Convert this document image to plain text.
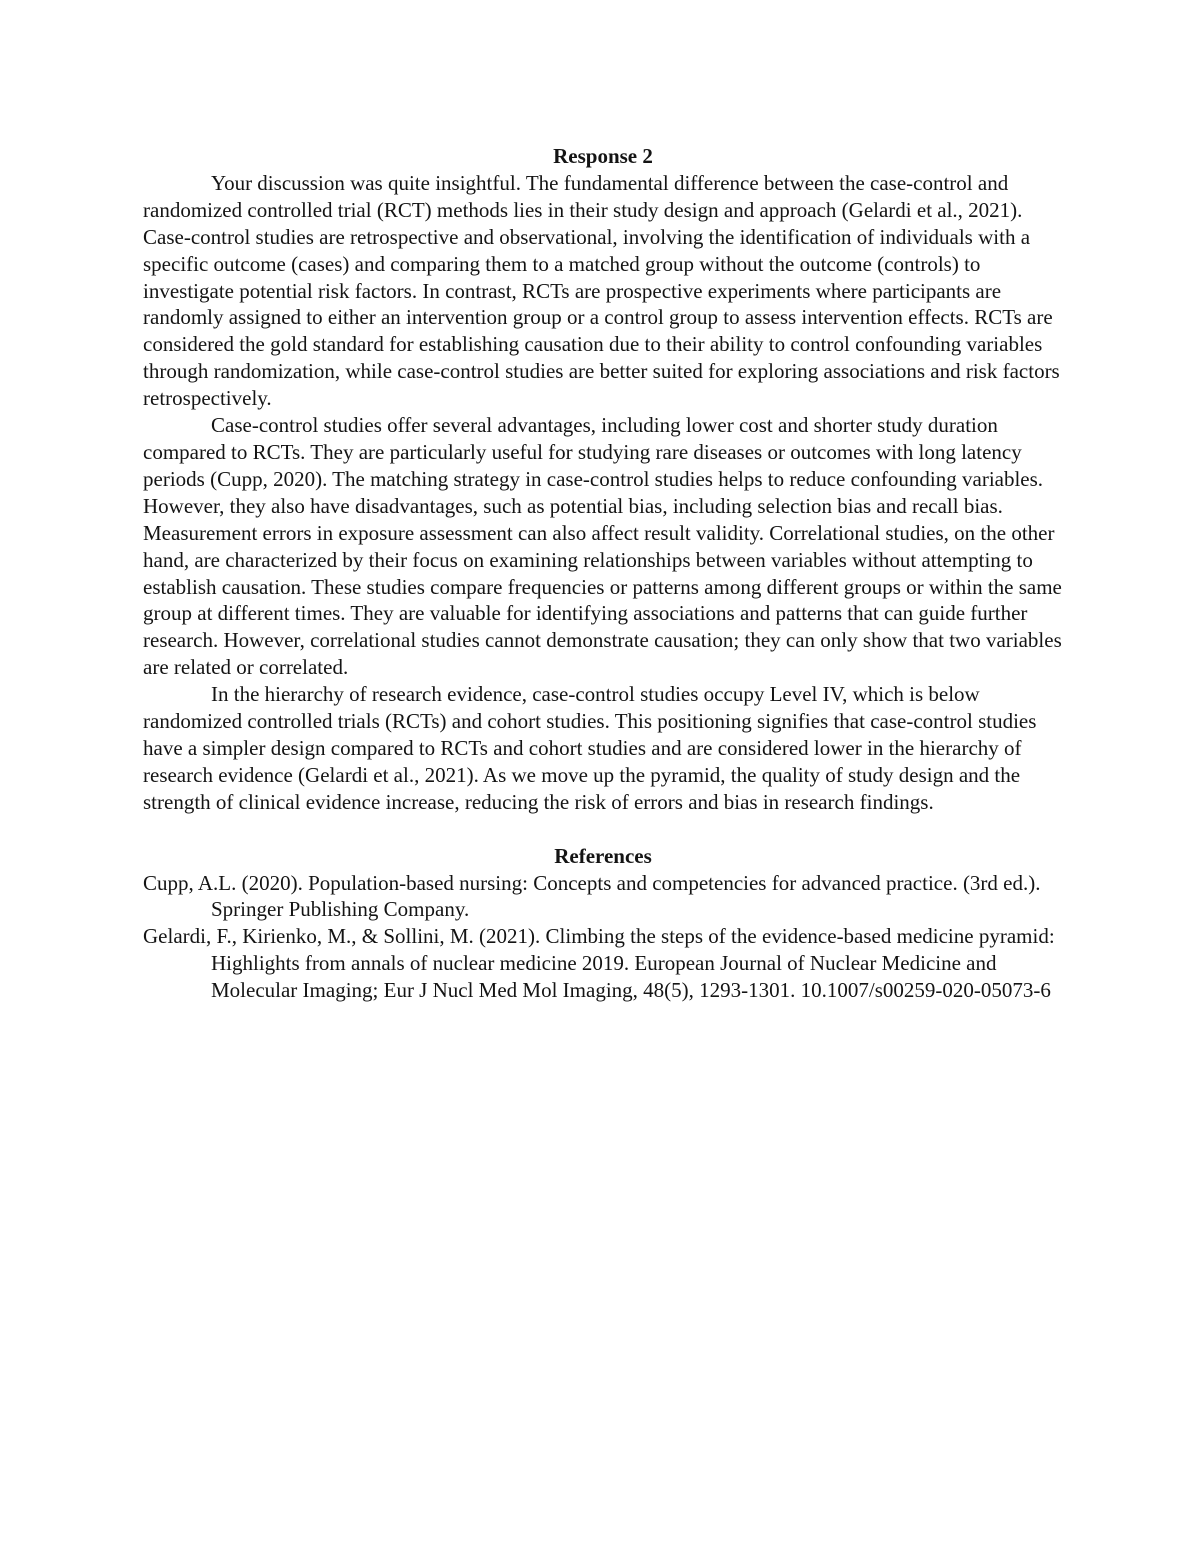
Response 2

Your discussion was quite insightful. The fundamental difference between the case-control and randomized controlled trial (RCT) methods lies in their study design and approach (Gelardi et al., 2021). Case-control studies are retrospective and observational, involving the identification of individuals with a specific outcome (cases) and comparing them to a matched group without the outcome (controls) to investigate potential risk factors. In contrast, RCTs are prospective experiments where participants are randomly assigned to either an intervention group or a control group to assess intervention effects. RCTs are considered the gold standard for establishing causation due to their ability to control confounding variables through randomization, while case-control studies are better suited for exploring associations and risk factors retrospectively.

Case-control studies offer several advantages, including lower cost and shorter study duration compared to RCTs. They are particularly useful for studying rare diseases or outcomes with long latency periods (Cupp, 2020). The matching strategy in case-control studies helps to reduce confounding variables. However, they also have disadvantages, such as potential bias, including selection bias and recall bias. Measurement errors in exposure assessment can also affect result validity. Correlational studies, on the other hand, are characterized by their focus on examining relationships between variables without attempting to establish causation. These studies compare frequencies or patterns among different groups or within the same group at different times. They are valuable for identifying associations and patterns that can guide further research. However, correlational studies cannot demonstrate causation; they can only show that two variables are related or correlated.

In the hierarchy of research evidence, case-control studies occupy Level IV, which is below randomized controlled trials (RCTs) and cohort studies. This positioning signifies that case-control studies have a simpler design compared to RCTs and cohort studies and are considered lower in the hierarchy of research evidence (Gelardi et al., 2021). As we move up the pyramid, the quality of study design and the strength of clinical evidence increase, reducing the risk of errors and bias in research findings.

References

Cupp, A.L. (2020). Population-based nursing: Concepts and competencies for advanced practice. (3rd ed.). Springer Publishing Company.

Gelardi, F., Kirienko, M., & Sollini, M. (2021). Climbing the steps of the evidence-based medicine pyramid: Highlights from annals of nuclear medicine 2019. European Journal of Nuclear Medicine and Molecular Imaging; Eur J Nucl Med Mol Imaging, 48(5), 1293-1301. 10.1007/s00259-020-05073-6
